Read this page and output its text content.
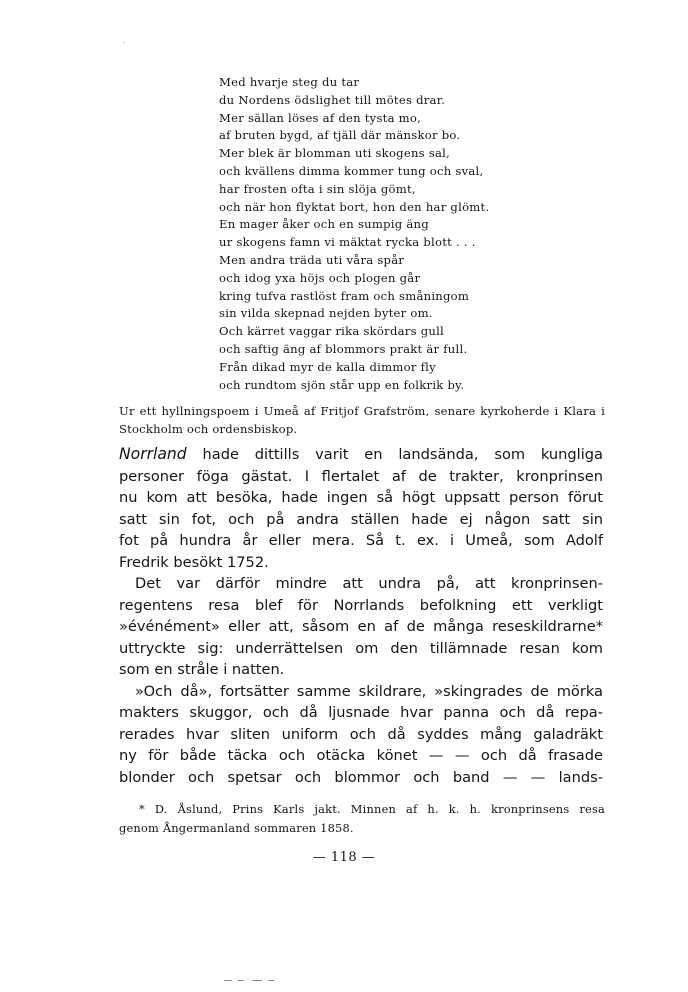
Med hvarje steg du tar
du Nordens ödslighet till mötes drar.
Mer sällan löses af den tysta mo,
af bruten bygd, af tjäll där mänskor bo.
Mer blek är blomman uti skogens sal,
och kvällens dimma kommer tung och sval,
har frosten ofta i sin slöja gömt,
och när hon flyktat bort, hon den har glömt.
En mager åker och en sumpig äng
ur skogens famn vi mäktat rycka blott . . .
Men andra träda uti våra spår
och idog yxa höjs och plogen går
kring tufva rastlöst fram och småningom
sin vilda skepnad nejden byter om.
Och kärret vaggar rika skördars gull
och saftig äng af blommors prakt är full.
Från dikad myr de kalla dimmor fly
och rundtom sjön står upp en folkrik by.
Ur ett hyllningspoem i Umeå af Fritjof Grafström, senare kyrkoherde i Klara i Stockholm och ordensbiskop.
Norrland hade dittills varit en landsända, som kungliga
personer föga gästat. I flertalet af de trakter, kronprinsen
nu kom att besöka, hade ingen så högt uppsatt person förut
satt sin fot, och på andra ställen hade ej någon satt sin
fot på hundra år eller mera. Så t. ex. i Umeå, som Adolf
Fredrik besökt 1752.
Det var därför mindre att undra på, att kronprinsen-
regentens resa blef för Norrlands befolkning ett verkligt
»événément» eller att, såsom en af de många reseskildrarne*
uttryckte sig: underrättelsen om den tillämnade resan kom
som en stråle i natten.
»Och då», fortsätter samme skildrare, »skingrades de mörka
makters skuggor, och då ljusnade hvar panna och då repa-
rerades hvar sliten uniform och då syddes mång galadräkt
ny för både täcka och otäcka könet — — och då frasade
blonder och spetsar och blommor och band — — lands-
* D. Åslund, Prins Karls jakt. Minnen af h. k. h. kronprinsens resa
genom Ångermanland sommaren 1858.
— 118 —
